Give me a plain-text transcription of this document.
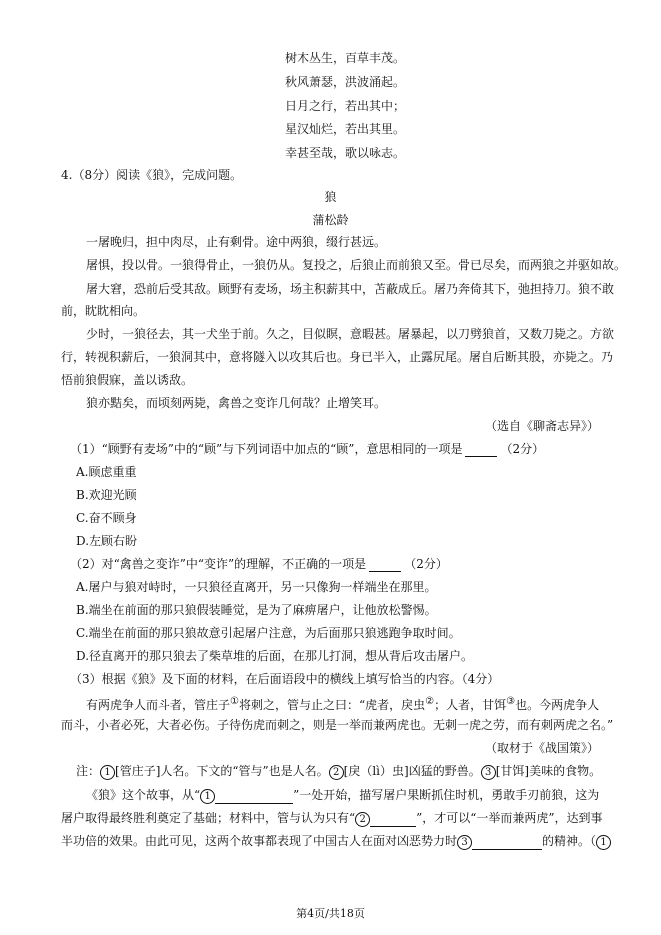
树木丛生，百草丰茂。
秋风萧瑟，洪波涌起。
日月之行，若出其中；
星汉灿烂，若出其里。
幸甚至哉，歌以咏志。
4.（8分）阅读《狼》，完成问题。
狼
蒲松龄
一屠晚归，担中肉尽，止有剩骨。途中两狼，缀行甚远。
屠惧，投以骨。一狼得骨止，一狼仍从。复投之，后狼止而前狼又至。骨已尽矣，而两狼之并驱如故。
屠大窘，恐前后受其敌。顾野有麦场，场主积薪其中，苫蔽成丘。屠乃奔倚其下，弛担持刀。狼不敢
前，眈眈相向。
少时，一狼径去，其一犬坐于前。久之，目似瞑，意暇甚。屠暴起，以刀劈狼首，又数刀毙之。方欲
行，转视积薪后，一狼洞其中，意将隧入以攻其后也。身已半入，止露尻尾。屠自后断其股，亦毙之。乃
悟前狼假寐，盖以诱敌。
狼亦黠矣，而顷刻两毙，禽兽之变诈几何哉？止增笑耳。
（选自《聊斋志异》）
（1）“顾野有麦场”中的“顾”与下列词语中加点的“顾”，意思相同的一项是	（2分）
A.顾虑重重
B.欢迎光顾
C.奋不顾身
D.左顾右盼
（2）对“禽兽之变诈”中“变诈”的理解，不正确的一项是	（2分）
A.屠户与狼对峙时，一只狼径直离开，另一只像狗一样端坐在那里。
B.端坐在前面的那只狼假装睡觉，是为了麻痹屠户，让他放松警惕。
C.端坐在前面的那只狼故意引起屠户注意，为后面那只狼逃跑争取时间。
D.径直离开的那只狼去了柴草堆的后面，在那儿打洞，想从背后攻击屠户。
（3）根据《狼》及下面的材料，在后面语段中的横线上填写恰当的内容。（4分）
有两虎争人而斗者，管庄子①将刺之，管与止之曰：“虎者，戾虫②；人者，甘饵③也。今两虎争人
而斗，小者必死，大者必伤。子待伤虎而刺之，则是一举而兼两虎也。无刺一虎之劳，而有刺两虎之名。”
（取材于《战国策》）
注： 1 [管庄子]人名。下文的“管与”也是人名。 2 [戾（lì）虫]凶猛的野兽。 3 [甘饵]美味的食物。
《狼》这个故事，从“ 1	”一处开始，描写屠户果断抓住时机，勇敢手刃前狼，这为
屠户取得最终胜利奠定了基础；材料中，管与认为只有“ 2	”，才可以“一举而兼两虎”，达到事
半功倍的效果。由此可见，这两个故事都表现了中国古人在面对凶恶势力时 3	的精神。（ 1
第4页/共18页
